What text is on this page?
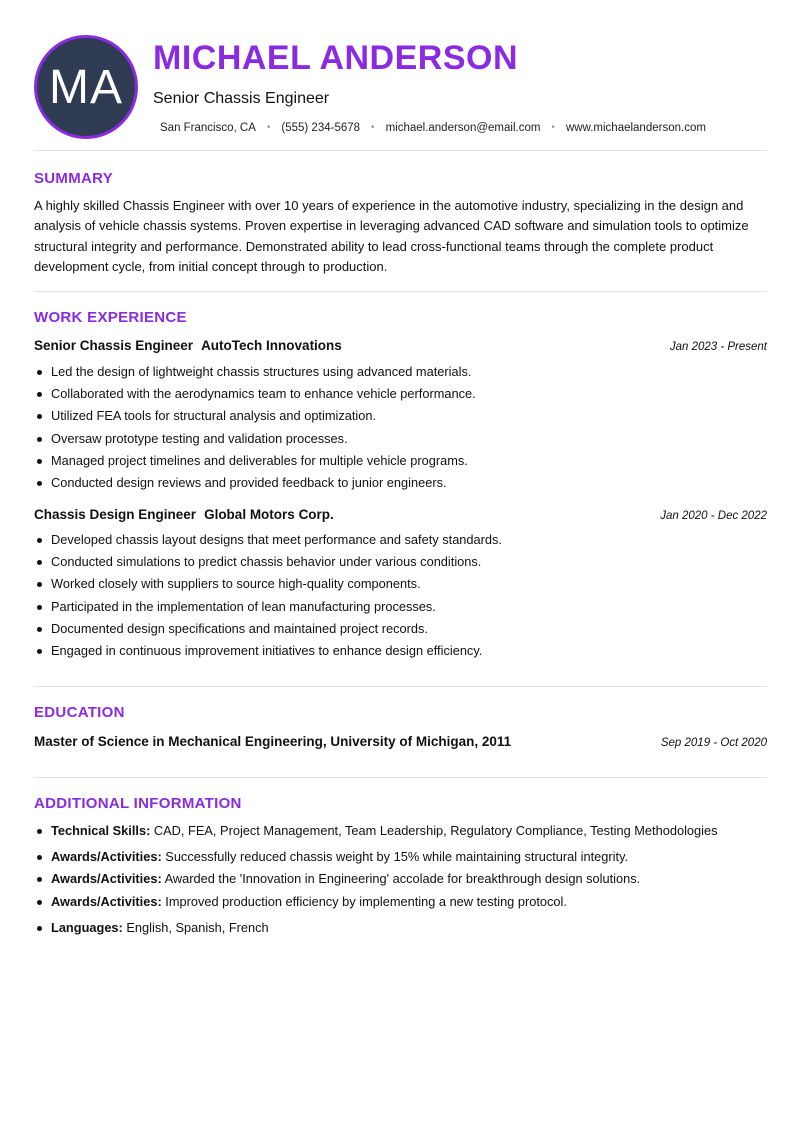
MA
MICHAEL ANDERSON
Senior Chassis Engineer
San Francisco, CA • (555) 234-5678 • michael.anderson@email.com • www.michaelanderson.com
SUMMARY

A highly skilled Chassis Engineer with over 10 years of experience in the automotive industry, specializing in the design and analysis of vehicle chassis systems. Proven expertise in leveraging advanced CAD software and simulation tools to optimize structural integrity and performance. Demonstrated ability to lead cross-functional teams through the complete product development cycle, from initial concept through to production.

WORK EXPERIENCE
Senior Chassis Engineer AutoTech Innovations	Jan 2023 - Present
Led the design of lightweight chassis structures using advanced materials.
Collaborated with the aerodynamics team to enhance vehicle performance.
Utilized FEA tools for structural analysis and optimization.
Oversaw prototype testing and validation processes.
Managed project timelines and deliverables for multiple vehicle programs.
Conducted design reviews and provided feedback to junior engineers.
Chassis Design Engineer Global Motors Corp.	Jan 2020 - Dec 2022
Developed chassis layout designs that meet performance and safety standards.
Conducted simulations to predict chassis behavior under various conditions.
Worked closely with suppliers to source high-quality components.
Participated in the implementation of lean manufacturing processes.
Documented design specifications and maintained project records.
Engaged in continuous improvement initiatives to enhance design efficiency.
EDUCATION
Master of Science in Mechanical Engineering, University of Michigan, 2011	Sep 2019 - Oct 2020
ADDITIONAL INFORMATION
Technical Skills: CAD, FEA, Project Management, Team Leadership, Regulatory Compliance, Testing Methodologies
Awards/Activities: Successfully reduced chassis weight by 15% while maintaining structural integrity.
Awards/Activities: Awarded the 'Innovation in Engineering' accolade for breakthrough design solutions.
Awards/Activities: Improved production efficiency by implementing a new testing protocol.
Languages: English, Spanish, French
